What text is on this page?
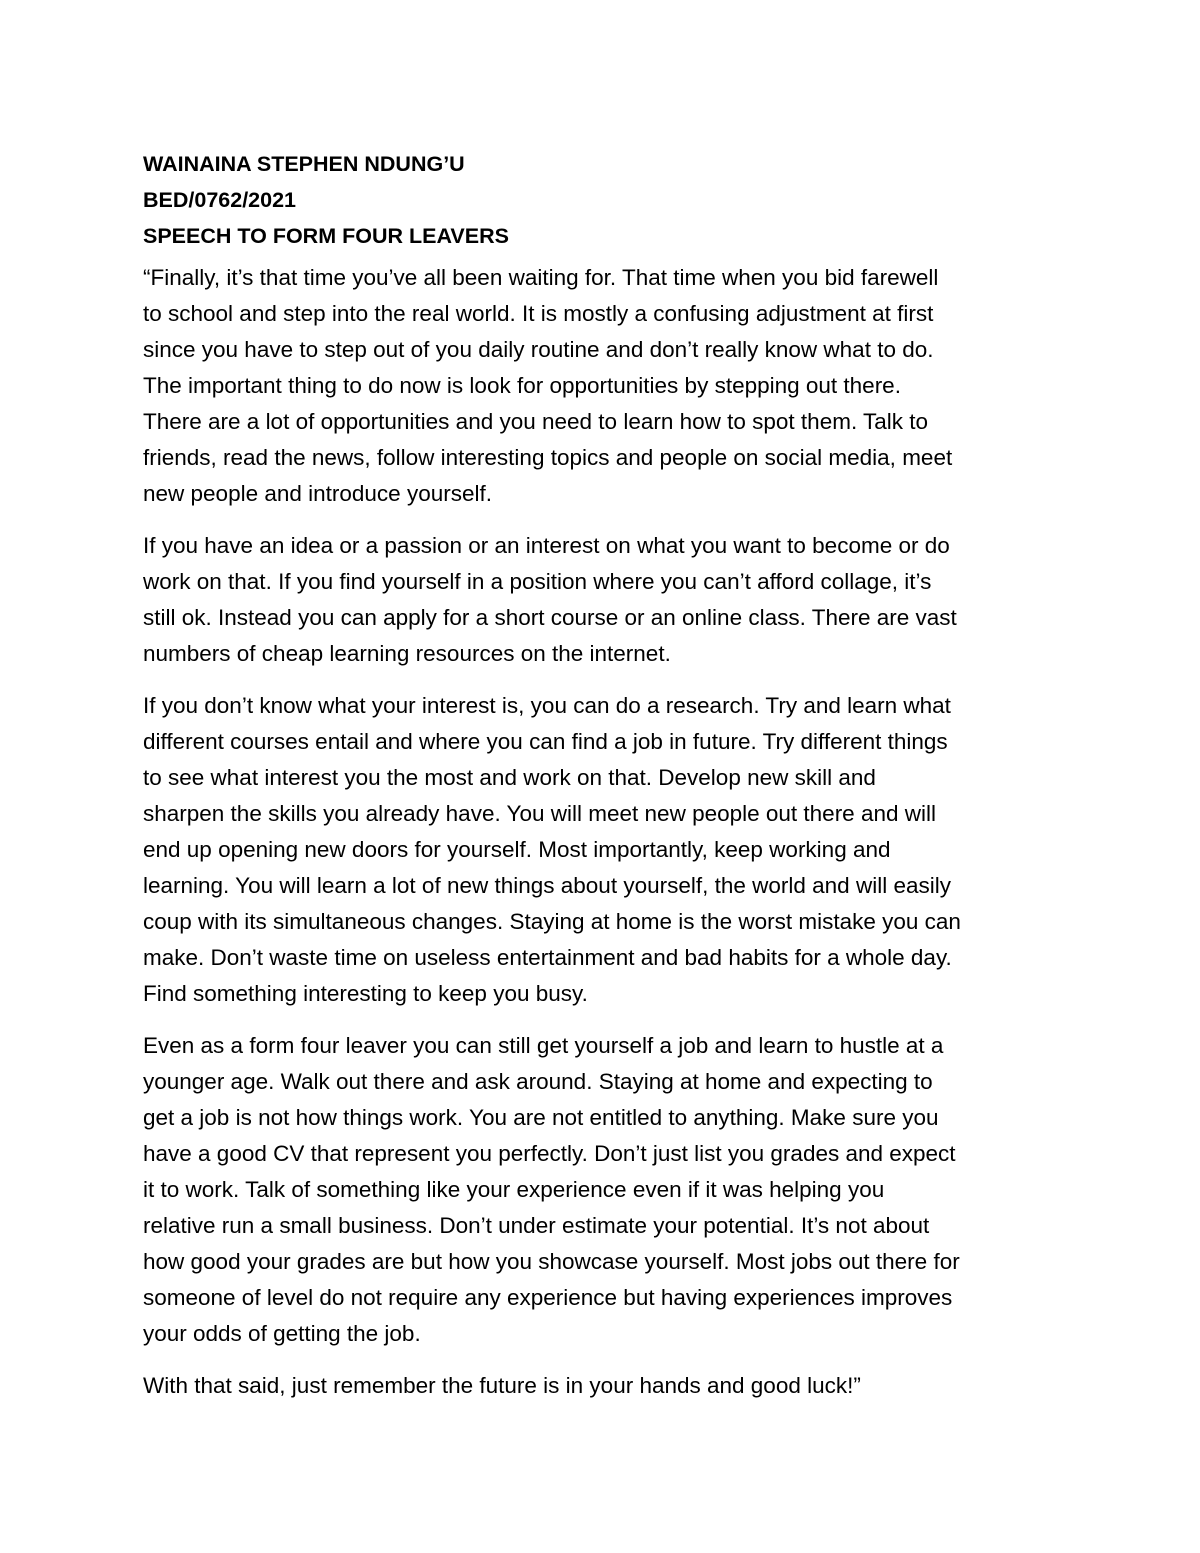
WAINAINA STEPHEN NDUNG’U

BED/0762/2021

SPEECH TO FORM FOUR LEAVERS

“Finally, it’s that time you’ve all been waiting for. That time when you bid farewell
to school and step into the real world. It is mostly a confusing adjustment at first
since you have to step out of you daily routine and don’t really know what to do.
The important thing to do now is look for opportunities by stepping out there.
There are a lot of opportunities and you need to learn how to spot them. Talk to
friends, read the news, follow interesting topics and people on social media, meet
new people and introduce yourself.

If you have an idea or a passion or an interest on what you want to become or do
work on that. If you find yourself in a position where you can’t afford collage, it’s
still ok. Instead you can apply for a short course or an online class. There are vast
numbers of cheap learning resources on the internet.

If you don’t know what your interest is, you can do a research. Try and learn what
different courses entail and where you can find a job in future. Try different things
to see what interest you the most and work on that. Develop new skill and
sharpen the skills you already have. You will meet new people out there and will
end up opening new doors for yourself. Most importantly, keep working and
learning. You will learn a lot of new things about yourself, the world and will easily
coup with its simultaneous changes. Staying at home is the worst mistake you can
make. Don’t waste time on useless entertainment and bad habits for a whole day.
Find something interesting to keep you busy.

Even as a form four leaver you can still get yourself a job and learn to hustle at a
younger age. Walk out there and ask around. Staying at home and expecting to
get a job is not how things work. You are not entitled to anything. Make sure you
have a good CV that represent you perfectly. Don’t just list you grades and expect
it to work. Talk of something like your experience even if it was helping you
relative run a small business. Don’t under estimate your potential. It’s not about
how good your grades are but how you showcase yourself. Most jobs out there for
someone of level do not require any experience but having experiences improves
your odds of getting the job.

With that said, just remember the future is in your hands and good luck!”
